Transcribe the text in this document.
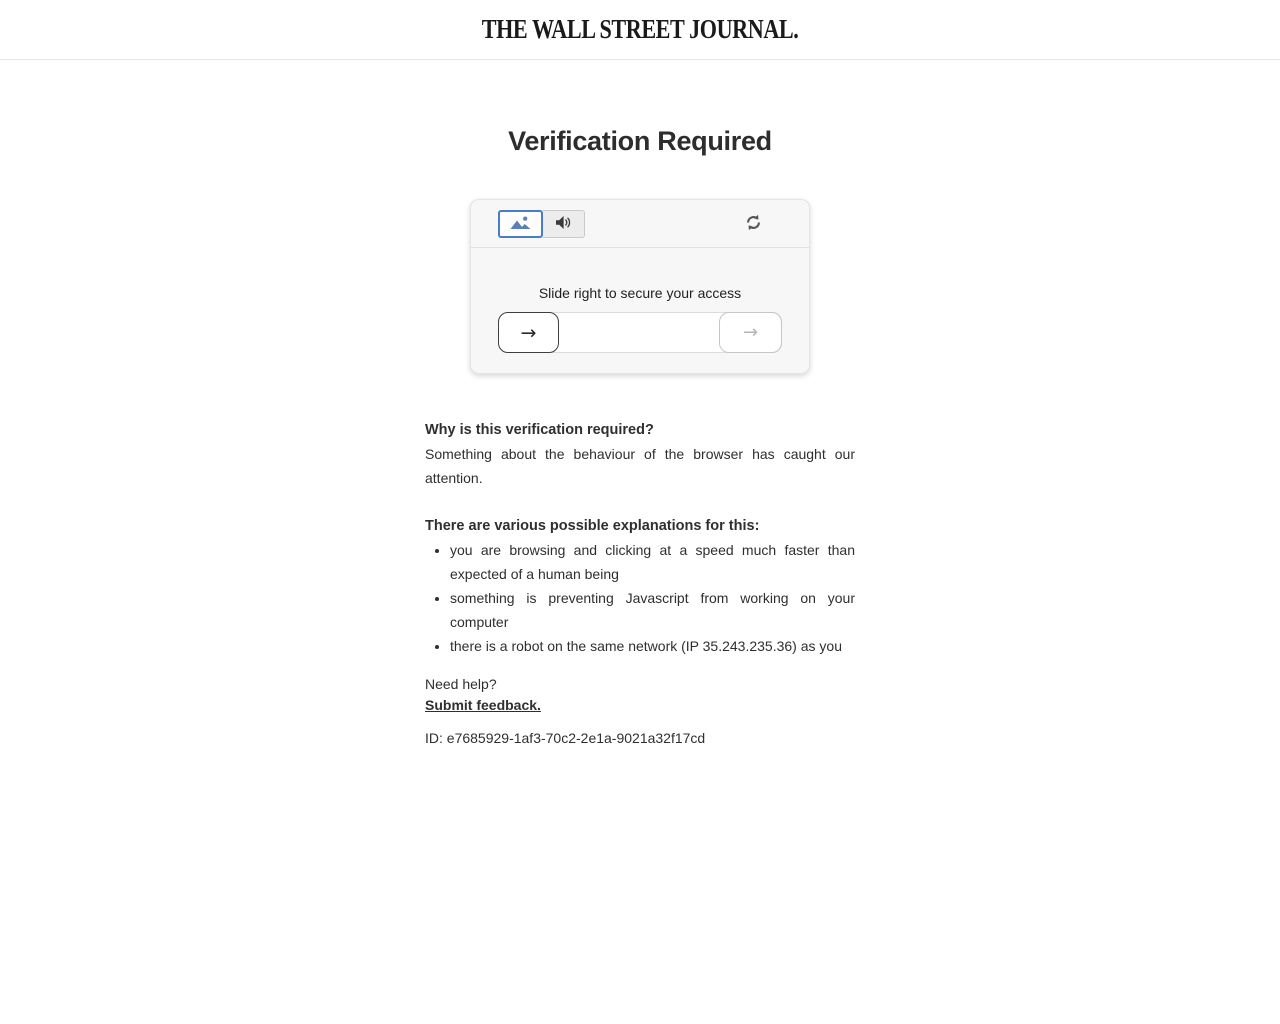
THE WALL STREET JOURNAL.
Verification Required

Slide right to secure your access

→	→
Why is this verification required?

Something about the behaviour of the browser has caught our attention.

There are various possible explanations for this:
• you are browsing and clicking at a speed much faster than expected of a human being
• something is preventing Javascript from working on your computer
• there is a robot on the same network (IP 35.243.235.36) as you
Need help?
Submit feedback.

ID: e7685929-1af3-70c2-2e1a-9021a32f17cd
